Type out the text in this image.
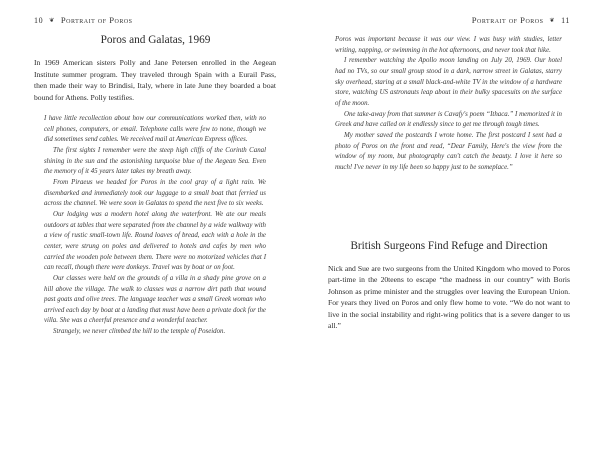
10 ❦ Portrait of Poros
Poros and Galatas, 1969
In 1969 American sisters Polly and Jane Petersen enrolled in the Aegean Institute summer program. They traveled through Spain with a Eurail Pass, then made their way to Brindisi, Italy, where in late June they boarded a boat bound for Athens. Polly testifies.

I have little recollection about how our communications worked then, with no cell phones, computers, or email. Telephone calls were few to none, though we did sometimes send cables. We received mail at American Express offices.

The first sights I remember were the steep high cliffs of the Corinth Canal shining in the sun and the astonishing turquoise blue of the Aegean Sea. Even the memory of it 45 years later takes my breath away.

From Piraeus we headed for Poros in the cool gray of a light rain. We disembarked and immediately took our luggage to a small boat that ferried us across the channel. We were soon in Galatas to spend the next five to six weeks.

Our lodging was a modern hotel along the waterfront. We ate our meals outdoors at tables that were separated from the channel by a wide walkway with a view of rustic small-town life. Round loaves of bread, each with a hole in the center, were strung on poles and delivered to hotels and cafes by men who carried the wooden pole between them. There were no motorized vehicles that I can recall, though there were donkeys. Travel was by boat or on foot.

Our classes were held on the grounds of a villa in a shady pine grove on a hill above the village. The walk to classes was a narrow dirt path that wound past goats and olive trees. The language teacher was a small Greek woman who arrived each day by boat at a landing that must have been a private dock for the villa. She was a cheerful presence and a wonderful teacher.

Strangely, we never climbed the hill to the temple of Poseidon.

Portrait of Poros ❦ 11

Poros was important because it was our view. I was busy with studies, letter writing, napping, or swimming in the hot afternoons, and never took that hike.

I remember watching the Apollo moon landing on July 20, 1969. Our hotel had no TVs, so our small group stood in a dark, narrow street in Galatas, starry sky overhead, staring at a small black-and-white TV in the window of a hardware store, watching US astronauts leap about in their bulky spacesuits on the surface of the moon.

One take-away from that summer is Cavafy's poem “Ithaca.” I memorized it in Greek and have called on it endlessly since to get me through tough times.

My mother saved the postcards I wrote home. The first postcard I sent had a photo of Poros on the front and read, “Dear Family, Here's the view from the window of my room, but photography can't catch the beauty. I love it here so much! I've never in my life been so happy just to be someplace.”

British Surgeons Find Refuge and Direction

Nick and Sue are two surgeons from the United Kingdom who moved to Poros part-time in the 20teens to escape “the madness in our country” with Boris Johnson as prime minister and the struggles over leaving the European Union. For years they lived on Poros and only flew home to vote. “We do not want to live in the social instability and right-wing politics that is a severe danger to us all.”
